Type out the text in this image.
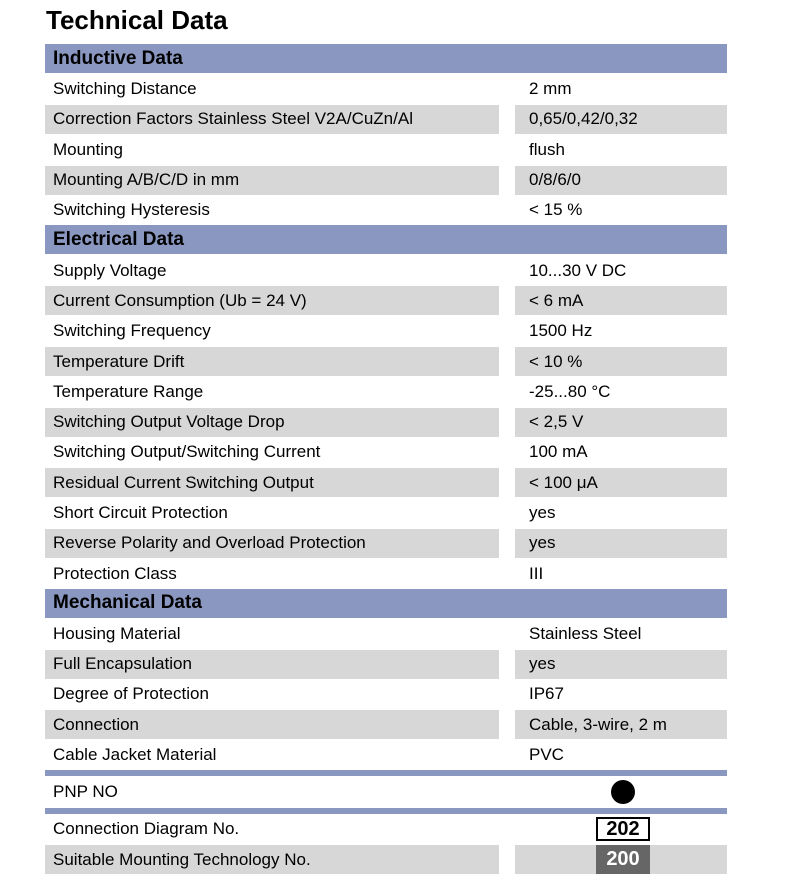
Technical Data
Inductive Data
Switching Distance	2 mm
Correction Factors Stainless Steel V2A/CuZn/Al	0,65/0,42/0,32
Mounting	flush
Mounting A/B/C/D in mm	0/8/6/0
Switching Hysteresis	< 15 %
Electrical Data
Supply Voltage	10...30 V DC
Current Consumption (Ub = 24 V)	< 6 mA
Switching Frequency	1500 Hz
Temperature Drift	< 10 %
Temperature Range	-25...80 °C
Switching Output Voltage Drop	< 2,5 V
Switching Output/Switching Current	100 mA
Residual Current Switching Output	< 100 μA
Short Circuit Protection	yes
Reverse Polarity and Overload Protection	yes
Protection Class	III
Mechanical Data
Housing Material	Stainless Steel
Full Encapsulation	yes
Degree of Protection	IP67
Connection	Cable, 3-wire, 2 m
Cable Jacket Material	PVC
PNP NO
Connection Diagram No.	202
Suitable Mounting Technology No.	200
